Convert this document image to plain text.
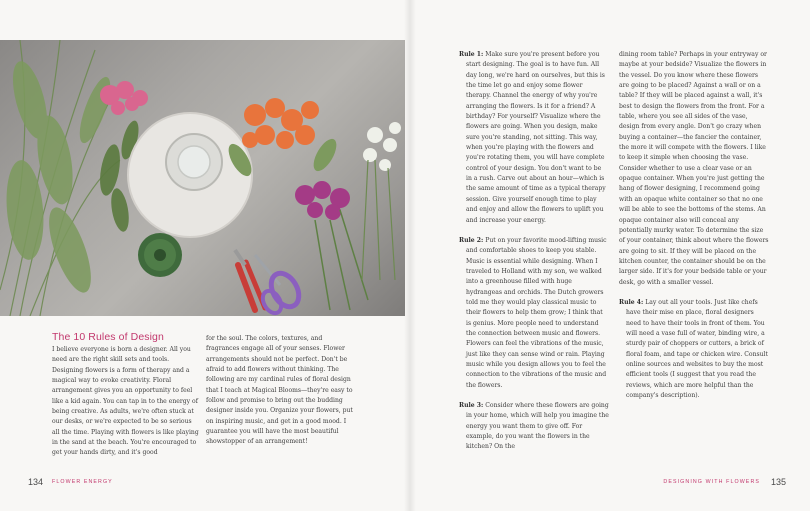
The 10 Rules of Design

I believe everyone is born a designer. All you need are the right skill sets and tools. Designing flowers is a form of therapy and a magical way to evoke creativity. Floral arrangement gives you an opportunity to feel like a kid again. You can tap in to the energy of being creative. As adults, we're often stuck at our desks, or we're expected to be so serious all the time. Playing with flowers is like playing in the sand at the beach. You're encouraged to get your hands dirty, and it's good

for the soul. The colors, textures, and fragrances engage all of your senses. Flower arrangements should not be perfect. Don't be afraid to add flowers without thinking. The following are my cardinal rules of floral design that I teach at Magical Blooms—they're easy to follow and promise to bring out the budding designer inside you. Organize your flowers, put on inspiring music, and get in a good mood. I guarantee you will have the most beautiful showstopper of an arrangement!

Rule 1: Make sure you're present before you start designing. The goal is to have fun. All day long, we're hard on ourselves, but this is the time let go and enjoy some flower therapy. Channel the energy of why you're arranging the flowers. Is it for a friend? A birthday? For yourself? Visualize where the flowers are going. When you design, make sure you're standing, not sitting. This way, when you're playing with the flowers and you're rotating them, you will have complete control of your design. You don't want to be in a rush. Carve out about an hour—which is the same amount of time as a typical therapy session. Give yourself enough time to play and enjoy and allow the flowers to uplift you and increase your energy.

Rule 2: Put on your favorite mood-lifting music and comfortable shoes to keep you stable. Music is essential while designing. When I traveled to Holland with my son, we walked into a greenhouse filled with huge hydrangeas and orchids. The Dutch growers told me they would play classical music to their flowers to help them grow; I think that is genius. More people need to understand the connection between music and flowers. Flowers can feel the vibrations of the music, just like they can sense wind or rain. Playing music while you design allows you to feel the connection to the vibrations of the music and the flowers.

Rule 3: Consider where these flowers are going in your home, which will help you imagine the energy you want them to give off. For example, do you want the flowers in the kitchen? On the

dining room table? Perhaps in your entryway or maybe at your bedside? Visualize the flowers in the vessel. Do you know where these flowers are going to be placed? Against a wall or on a table? If they will be placed against a wall, it's best to design the flowers from the front. For a table, where you see all sides of the vase, design from every angle. Don't go crazy when buying a container—the fancier the container, the more it will compete with the flowers. I like to keep it simple when choosing the vase. Consider whether to use a clear vase or an opaque container. When you're just getting the hang of flower designing, I recommend going with an opaque white container so that no one will be able to see the bottoms of the stems. An opaque container also will conceal any potentially murky water. To determine the size of your container, think about where the flowers are going to sit. If they will be placed on the kitchen counter, the container should be on the larger side. If it's for your bedside table or your desk, go with a smaller vessel.

Rule 4: Lay out all your tools. Just like chefs have their mise en place, floral designers need to have their tools in front of them. You will need a vase full of water, binding wire, a sturdy pair of choppers or cutters, a brick of floral foam, and tape or chicken wire. Consult online sources and websites to buy the most efficient tools (I suggest that you read the reviews, which are more helpful than the company's description).

134 FLOWER ENERGY	DESIGNING WITH FLOWERS 135
